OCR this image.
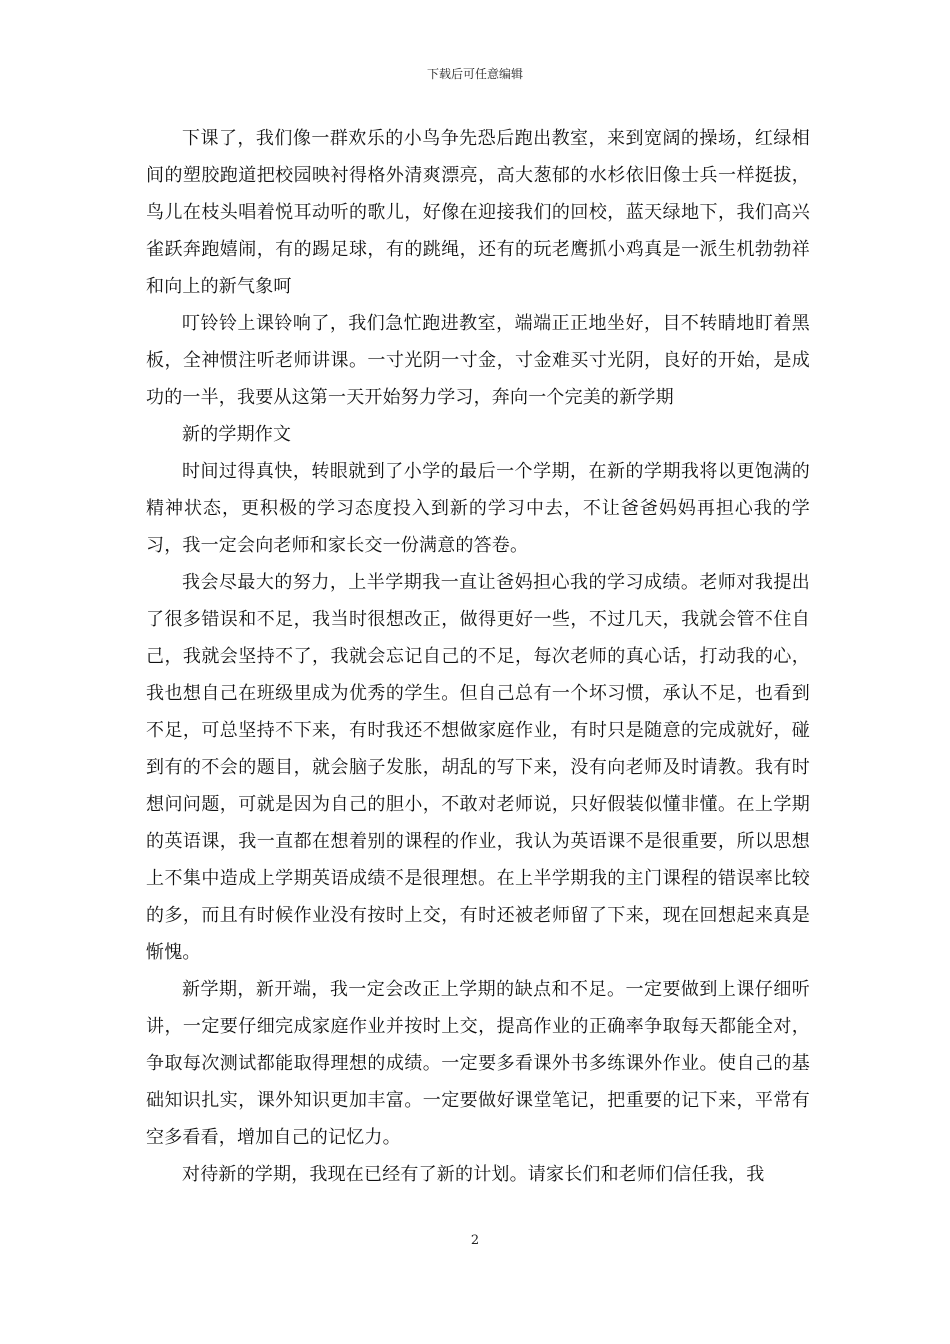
下载后可任意编辑

下课了，我们像一群欢乐的小鸟争先恐后跑出教室，来到宽阔的操场，红绿相间的塑胶跑道把校园映衬得格外清爽漂亮，高大葱郁的水杉依旧像士兵一样挺拔，鸟儿在枝头唱着悦耳动听的歌儿，好像在迎接我们的回校，蓝天绿地下，我们高兴雀跃奔跑嬉闹，有的踢足球，有的跳绳，还有的玩老鹰抓小鸡真是一派生机勃勃祥和向上的新气象呵

叮铃铃上课铃响了，我们急忙跑进教室，端端正正地坐好，目不转睛地盯着黑板，全神惯注听老师讲课。一寸光阴一寸金，寸金难买寸光阴，良好的开始，是成功的一半，我要从这第一天开始努力学习，奔向一个完美的新学期

新的学期作文

时间过得真快，转眼就到了小学的最后一个学期，在新的学期我将以更饱满的精神状态，更积极的学习态度投入到新的学习中去，不让爸爸妈妈再担心我的学习，我一定会向老师和家长交一份满意的答卷。

我会尽最大的努力，上半学期我一直让爸妈担心我的学习成绩。老师对我提出了很多错误和不足，我当时很想改正，做得更好一些，不过几天，我就会管不住自己，我就会坚持不了，我就会忘记自己的不足，每次老师的真心话，打动我的心，我也想自己在班级里成为优秀的学生。但自己总有一个坏习惯，承认不足，也看到不足，可总坚持不下来，有时我还不想做家庭作业，有时只是随意的完成就好，碰到有的不会的题目，就会脑子发胀，胡乱的写下来，没有向老师及时请教。我有时想问问题，可就是因为自己的胆小，不敢对老师说，只好假装似懂非懂。在上学期的英语课，我一直都在想着别的课程的作业，我认为英语课不是很重要，所以思想上不集中造成上学期英语成绩不是很理想。在上半学期我的主门课程的错误率比较的多，而且有时候作业没有按时上交，有时还被老师留了下来，现在回想起来真是惭愧。

新学期，新开端，我一定会改正上学期的缺点和不足。一定要做到上课仔细听讲，一定要仔细完成家庭作业并按时上交，提高作业的正确率争取每天都能全对，争取每次测试都能取得理想的成绩。一定要多看课外书多练课外作业。使自己的基础知识扎实，课外知识更加丰富。一定要做好课堂笔记，把重要的记下来，平常有空多看看，增加自己的记忆力。

对待新的学期，我现在已经有了新的计划。请家长们和老师们信任我，我

2
